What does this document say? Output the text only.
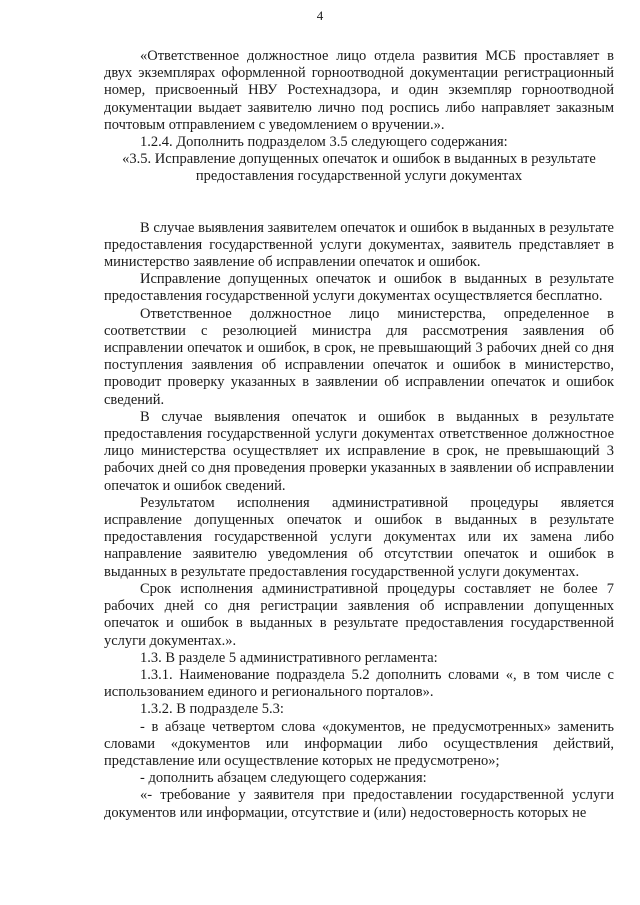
4

«Ответственное должностное лицо отдела развития МСБ проставляет в двух экземплярах оформленной горноотводной документации регистрационный номер, присвоенный НВУ Ростехнадзора, и один экземпляр горноотводной документации выдает заявителю лично под роспись либо направляет заказным почтовым отправлением с уведомлением о вручении.».

1.2.4. Дополнить подразделом 3.5 следующего содержания:

«3.5. Исправление допущенных опечаток и ошибок в выданных в результате предоставления государственной услуги документах

В случае выявления заявителем опечаток и ошибок в выданных в результате предоставления государственной услуги документах, заявитель представляет в министерство заявление об исправлении опечаток и ошибок.

Исправление допущенных опечаток и ошибок в выданных в результате предоставления государственной услуги документах осуществляется бесплатно.

Ответственное должностное лицо министерства, определенное в соответствии с резолюцией министра для рассмотрения заявления об исправлении опечаток и ошибок, в срок, не превышающий 3 рабочих дней со дня поступления заявления об исправлении опечаток и ошибок в министерство, проводит проверку указанных в заявлении об исправлении опечаток и ошибок сведений.

В случае выявления опечаток и ошибок в выданных в результате предоставления государственной услуги документах ответственное должностное лицо министерства осуществляет их исправление в срок, не превышающий 3 рабочих дней со дня проведения проверки указанных в заявлении об исправлении опечаток и ошибок сведений.

Результатом исполнения административной процедуры является исправление допущенных опечаток и ошибок в выданных в результате предоставления государственной услуги документах или их замена либо направление заявителю уведомления об отсутствии опечаток и ошибок в выданных в результате предоставления государственной услуги документах.

Срок исполнения административной процедуры составляет не более 7 рабочих дней со дня регистрации заявления об исправлении допущенных опечаток и ошибок в выданных в результате предоставления государственной услуги документах.».

1.3. В разделе 5 административного регламента:

1.3.1. Наименование подраздела 5.2 дополнить словами «, в том числе с использованием единого и регионального порталов».

1.3.2. В подразделе 5.3:

- в абзаце четвертом слова «документов, не предусмотренных» заменить словами «документов или информации либо осуществления действий, представление или осуществление которых не предусмотрено»;

- дополнить абзацем следующего содержания:

«- требование у заявителя при предоставлении государственной услуги документов или информации, отсутствие и (или) недостоверность которых не
